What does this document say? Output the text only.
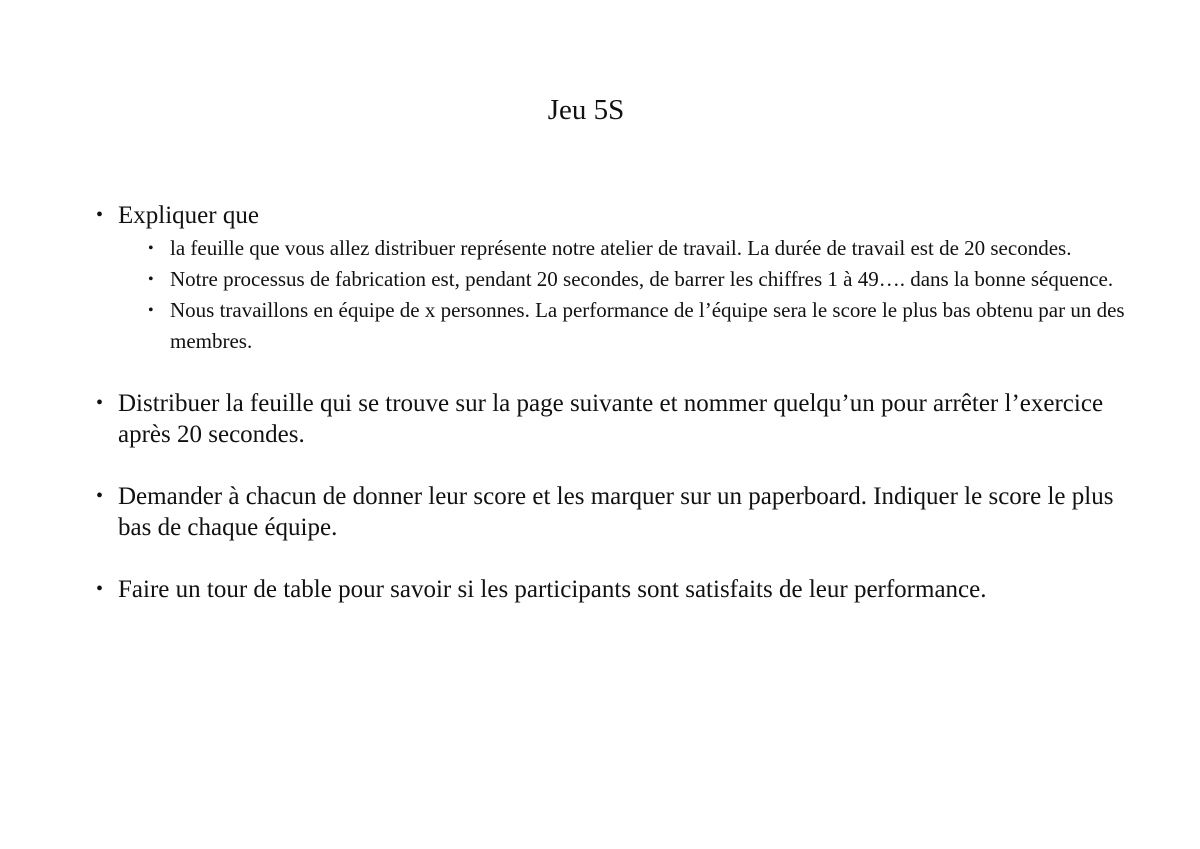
Jeu 5S
• Expliquer que
• la feuille que vous allez distribuer représente notre atelier de travail. La durée de travail est de 20 secondes.
• Notre processus de fabrication est, pendant 20 secondes, de barrer les chiffres 1 à 49…. dans la bonne séquence.
• Nous travaillons en équipe de x personnes. La performance de l’équipe sera le score le plus bas obtenu par un des membres.
• Distribuer la feuille qui se trouve sur la page suivante et nommer quelqu’un pour arrêter l’exercice après 20 secondes.
• Demander à chacun de donner leur score et les marquer sur un paperboard. Indiquer le score le plus bas de chaque équipe.
• Faire un tour de table pour savoir si les participants sont satisfaits de leur performance.
